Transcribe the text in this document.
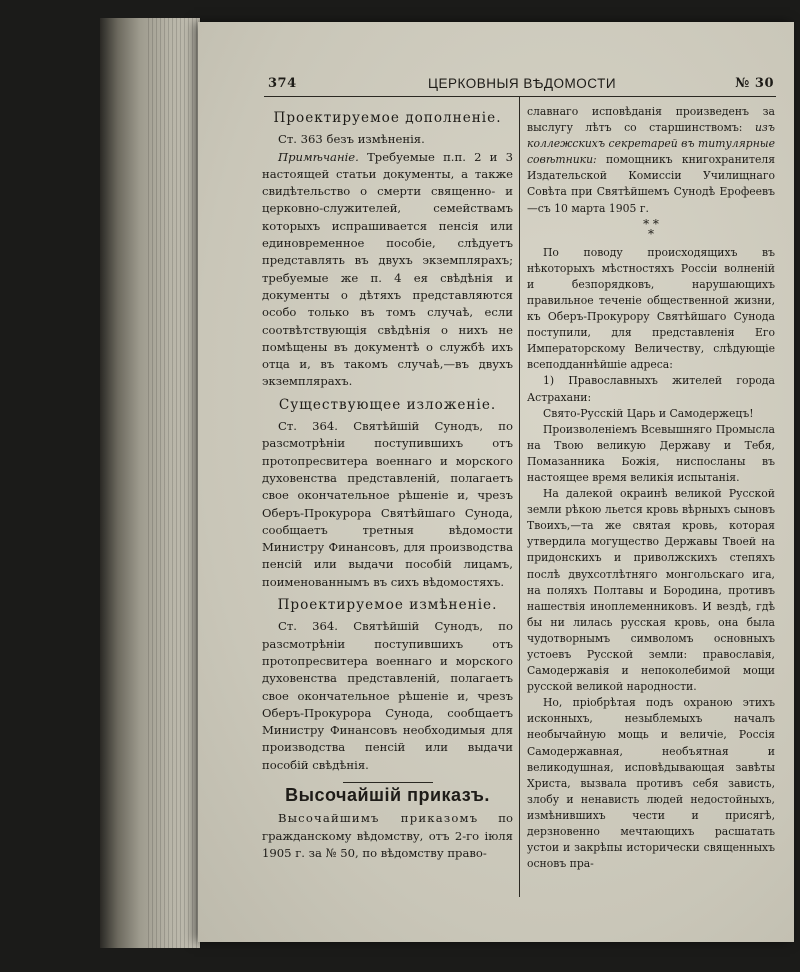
374	ЦЕРКОВНЫЯ ВѢДОМОСТИ	№ 30
Проектируемое дополненіе.

Ст. 363 безъ измѣненія.

Примѣчаніе. Требуемые п.п. 2 и 3 настоящей статьи документы, а также свидѣтельство о смерти священно- и церковно-служителей, семействамъ которыхъ испрашивается пенсія или единовременное пособіе, слѣдуетъ представлять въ двухъ экземплярахъ; требуемые же п. 4 ея свѣдѣнія и документы о дѣтяхъ представляются особо только въ томъ случаѣ, если соотвѣтствующія свѣдѣнія о нихъ не помѣщены въ документѣ о службѣ ихъ отца и, въ такомъ случаѣ,—въ двухъ экземплярахъ.

Существующее изложеніе.

Ст. 364. Святѣйшій Сунодъ, по разсмотрѣніи поступившихъ отъ протопресвитера военнаго и морского духовенства представленій, полагаетъ свое окончательное рѣшеніе и, чрезъ Оберъ-Прокурора Святѣйшаго Сунода, сообщаетъ третныя вѣдомости Министру Финансовъ, для производства пенсій или выдачи пособій лицамъ, поименованнымъ въ сихъ вѣдомостяхъ.

Проектируемое измѣненіе.

Ст. 364. Святѣйшій Сунодъ, по разсмотрѣніи поступившихъ отъ протопресвитера военнаго и морского духовенства представленій, полагаетъ свое окончательное рѣшеніе и, чрезъ Оберъ-Прокурора Сунода, сообщаетъ Министру Финансовъ необходимыя для производства пенсій или выдачи пособій свѣдѣнія.

Высочайшій приказъ.

Высочайшимъ приказомъ по гражданскому вѣдомству, отъ 2-го іюля 1905 г. за № 50, по вѣдомству право-

славнаго исповѣданія произведенъ за выслугу лѣтъ со старшинствомъ: изъ коллежскихъ секретарей въ титулярные совѣтники: помощникъ книгохранителя Издательской Комиссіи Училищнаго Совѣта при Святѣйшемъ Сунодѣ Ерофеевъ—съ 10 марта 1905 г.

* *
*

По поводу происходящихъ въ нѣкоторыхъ мѣстностяхъ Россіи волненій и безпорядковъ, нарушающихъ правильное теченіе общественной жизни, къ Оберъ-Прокурору Святѣйшаго Сунода поступили, для представленія Его Императорскому Величеству, слѣдующіе всеподданнѣйшіе адреса:

1) Православныхъ жителей города Астрахани:

Свято-Русскій Царь и Самодержецъ!

Произволеніемъ Всевышняго Промысла на Твою великую Державу и Тебя, Помазанника Божія, ниспосланы въ настоящее время великія испытанія.

На далекой окраинѣ великой Русской земли рѣкою льется кровь вѣрныхъ сыновъ Твоихъ,—та же святая кровь, которая утвердила могущество Державы Твоей на придонскихъ и приволжскихъ степяхъ послѣ двухсотлѣтняго монгольскаго ига, на поляхъ Полтавы и Бородина, противъ нашествія иноплеменниковъ. И вездѣ, гдѣ бы ни лилась русская кровь, она была чудотворнымъ символомъ основныхъ устоевъ Русской земли: православія, Самодержавія и непоколебимой мощи русской великой народности.

Но, пріобрѣтая подъ охраною этихъ исконныхъ, незыблемыхъ началъ необычайную мощь и величіе, Россія Самодержавная, необъятная и великодушная, исповѣдывающая завѣты Христа, вызвала противъ себя зависть, злобу и ненависть людей недостойныхъ, измѣнившихъ чести и присягѣ, дерзновенно мечтающихъ расшатать устои и закрѣпы исторически священныхъ основъ пра-
